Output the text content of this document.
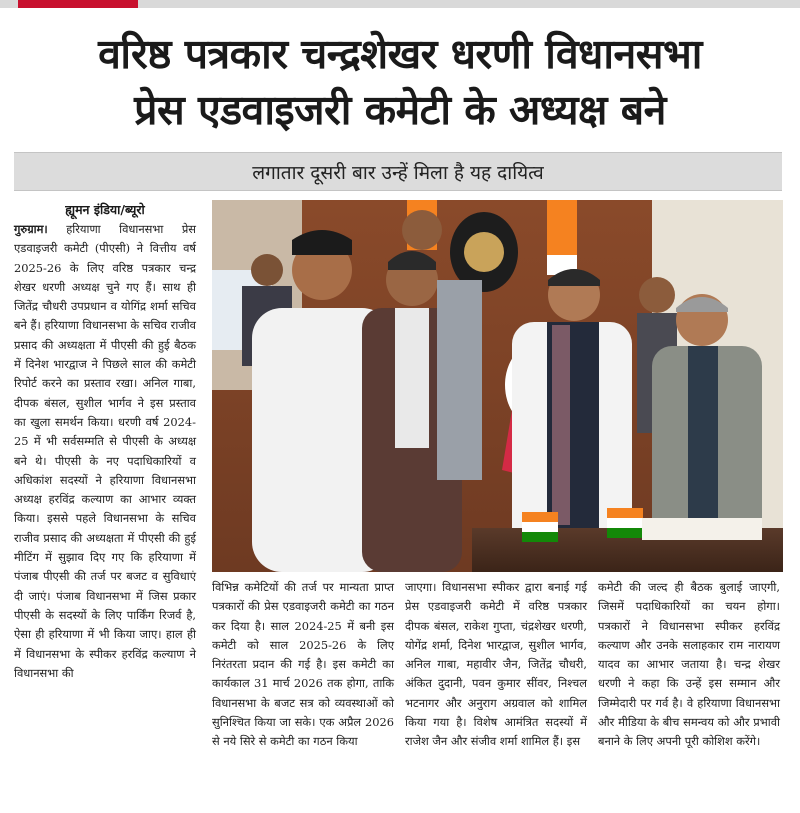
वरिष्ठ पत्रकार चन्द्रशेखर धरणी विधानसभा
प्रेस एडवाइजरी कमेटी के अध्यक्ष बने
लगातार दूसरी बार उन्हें मिला है यह दायित्व
ह्यूमन इंडिया/ब्यूरो

गुरुग्राम। हरियाणा विधानसभा प्रेस एडवाइजरी कमेटी (पीएसी) ने वित्तीय वर्ष 2025-26 के लिए वरिष्ठ पत्रकार चन्द्र शेखर धरणी अध्यक्ष चुने गए हैं। साथ ही जितेंद्र चौधरी उपप्रधान व योगिंद्र शर्मा सचिव बने हैं। हरियाणा विधानसभा के सचिव राजीव प्रसाद की अध्यक्षता में पीएसी की हुई बैठक में दिनेश भारद्वाज ने पिछले साल की कमेटी रिपोर्ट करने का प्रस्ताव रखा। अनिल गाबा, दीपक बंसल, सुशील भार्गव ने इस प्रस्ताव का खुला समर्थन किया। धरणी वर्ष 2024-25 में भी सर्वसम्मति से पीएसी के अध्यक्ष बने थे। पीएसी के नए पदाधिकारियों व अधिकांश सदस्यों ने हरियाणा विधानसभा अध्यक्ष हरविंद्र कल्याण का आभार व्यक्त किया। इससे पहले विधानसभा के सचिव राजीव प्रसाद की अध्यक्षता में पीएसी की हुई मीटिंग में सुझाव दिए गए कि हरियाणा में पंजाब पीएसी की तर्ज पर बजट व सुविधाएं दी जाएं। पंजाब विधानसभा में जिस प्रकार पीएसी के सदस्यों के लिए पार्किंग रिजर्व है, ऐसा ही हरियाणा में भी किया जाए। हाल ही में विधानसभा के स्पीकर हरविंद्र कल्याण ने विधानसभा की

विभिन्न कमेटियों की तर्ज पर मान्यता प्राप्त पत्रकारों की प्रेस एडवाइजरी कमेटी का गठन कर दिया है। साल 2024-25 में बनी इस कमेटी को साल 2025-26 के लिए निरंतरता प्रदान की गई है। इस कमेटी का कार्यकाल 31 मार्च 2026 तक होगा, ताकि विधानसभा के बजट सत्र को व्यवस्थाओं को सुनिश्चित किया जा सके। एक अप्रैल 2026 से नये सिरे से कमेटी का गठन किया

जाएगा। विधानसभा स्पीकर द्वारा बनाई गई प्रेस एडवाइजरी कमेटी में वरिष्ठ पत्रकार दीपक बंसल, राकेश गुप्ता, चंद्रशेखर धरणी, योगेंद्र शर्मा, दिनेश भारद्वाज, सुशील भार्गव, अनिल गाबा, महावीर जैन, जितेंद्र चौधरी, अंकित दुदानी, पवन कुमार सींवर, निश्चल भटनागर और अनुराग अग्रवाल को शामिल किया गया है। विशेष आमंत्रित सदस्यों में राजेश जैन और संजीव शर्मा शामिल हैं। इस

कमेटी की जल्द ही बैठक बुलाई जाएगी, जिसमें पदाधिकारियों का चयन होगा। पत्रकारों ने विधानसभा स्पीकर हरविंद्र कल्याण और उनके सलाहकार राम नारायण यादव का आभार जताया है। चन्द्र शेखर धरणी ने कहा कि उन्हें इस सम्मान और जिम्मेदारी पर गर्व है। वे हरियाणा विधानसभा और मीडिया के बीच समन्वय को और प्रभावी बनाने के लिए अपनी पूरी कोशिश करेंगे।
